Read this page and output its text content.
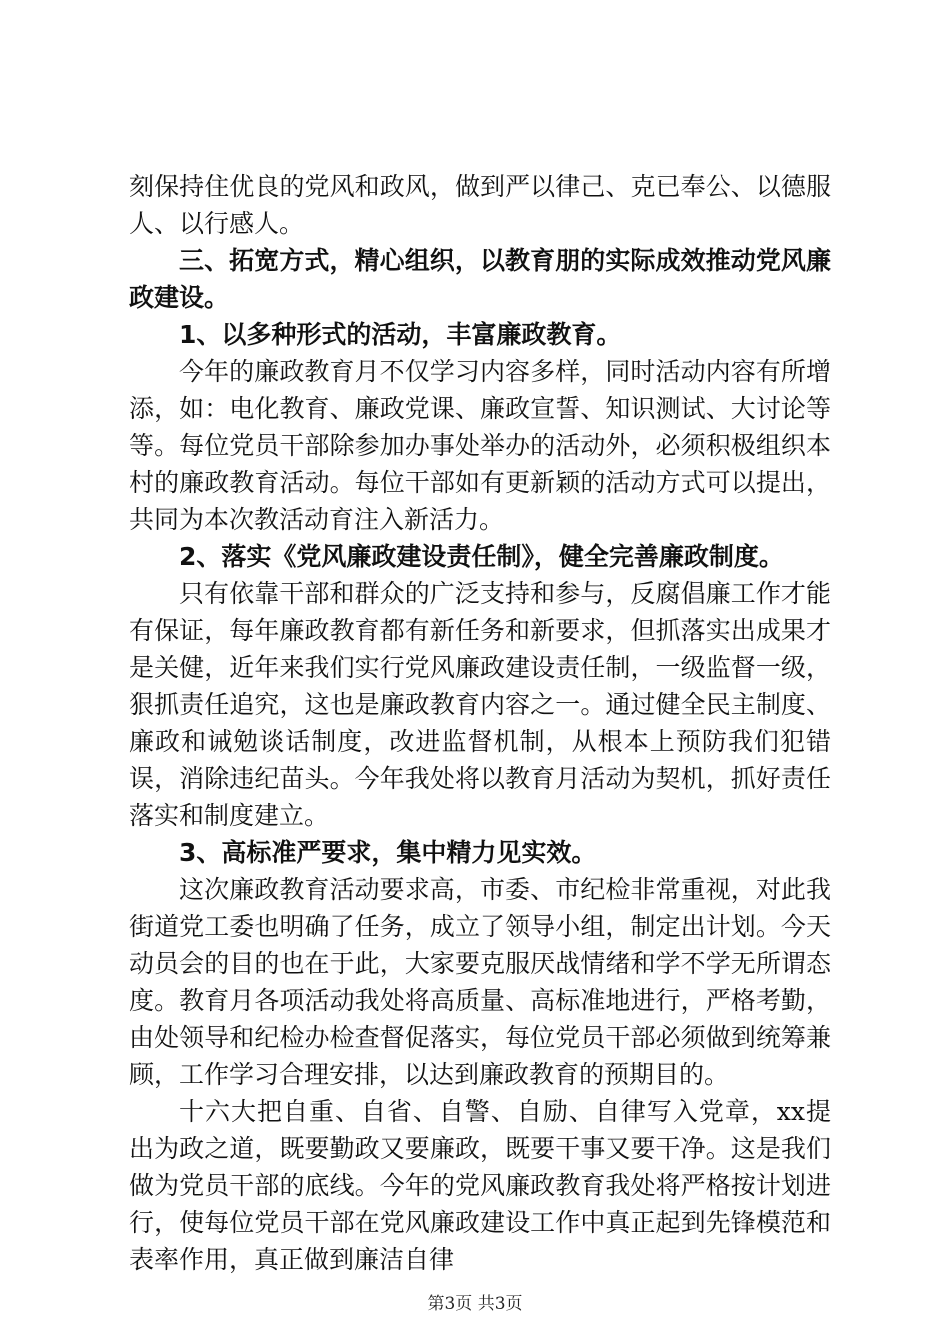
刻保持住优良的党风和政风，做到严以律己、克已奉公、以德服人、以行感人。

三、拓宽方式，精心组织，以教育朋的实际成效推动党风廉政建设。

1、以多种形式的活动，丰富廉政教育。

今年的廉政教育月不仅学习内容多样，同时活动内容有所增添，如：电化教育、廉政党课、廉政宣誓、知识测试、大讨论等等。每位党员干部除参加办事处举办的活动外，必须积极组织本村的廉政教育活动。每位干部如有更新颖的活动方式可以提出，共同为本次教活动育注入新活力。

2、落实《党风廉政建设责任制》，健全完善廉政制度。

只有依靠干部和群众的广泛支持和参与，反腐倡廉工作才能有保证，每年廉政教育都有新任务和新要求，但抓落实出成果才是关健，近年来我们实行党风廉政建设责任制，一级监督一级，狠抓责任追究，这也是廉政教育内容之一。通过健全民主制度、廉政和诫勉谈话制度，改进监督机制，从根本上预防我们犯错误，消除违纪苗头。今年我处将以教育月活动为契机，抓好责任落实和制度建立。

3、高标准严要求，集中精力见实效。

这次廉政教育活动要求高，市委、市纪检非常重视，对此我街道党工委也明确了任务，成立了领导小组，制定出计划。今天动员会的目的也在于此，大家要克服厌战情绪和学不学无所谓态度。教育月各项活动我处将高质量、高标准地进行，严格考勤，由处领导和纪检办检查督促落实，每位党员干部必须做到统筹兼顾，工作学习合理安排，以达到廉政教育的预期目的。

十六大把自重、自省、自警、自励、自律写入党章，xx提出为政之道，既要勤政又要廉政，既要干事又要干净。这是我们做为党员干部的底线。今年的党风廉政教育我处将严格按计划进行，使每位党员干部在党风廉政建设工作中真正起到先锋模范和表率作用，真正做到廉洁自律

第3页 共3页
